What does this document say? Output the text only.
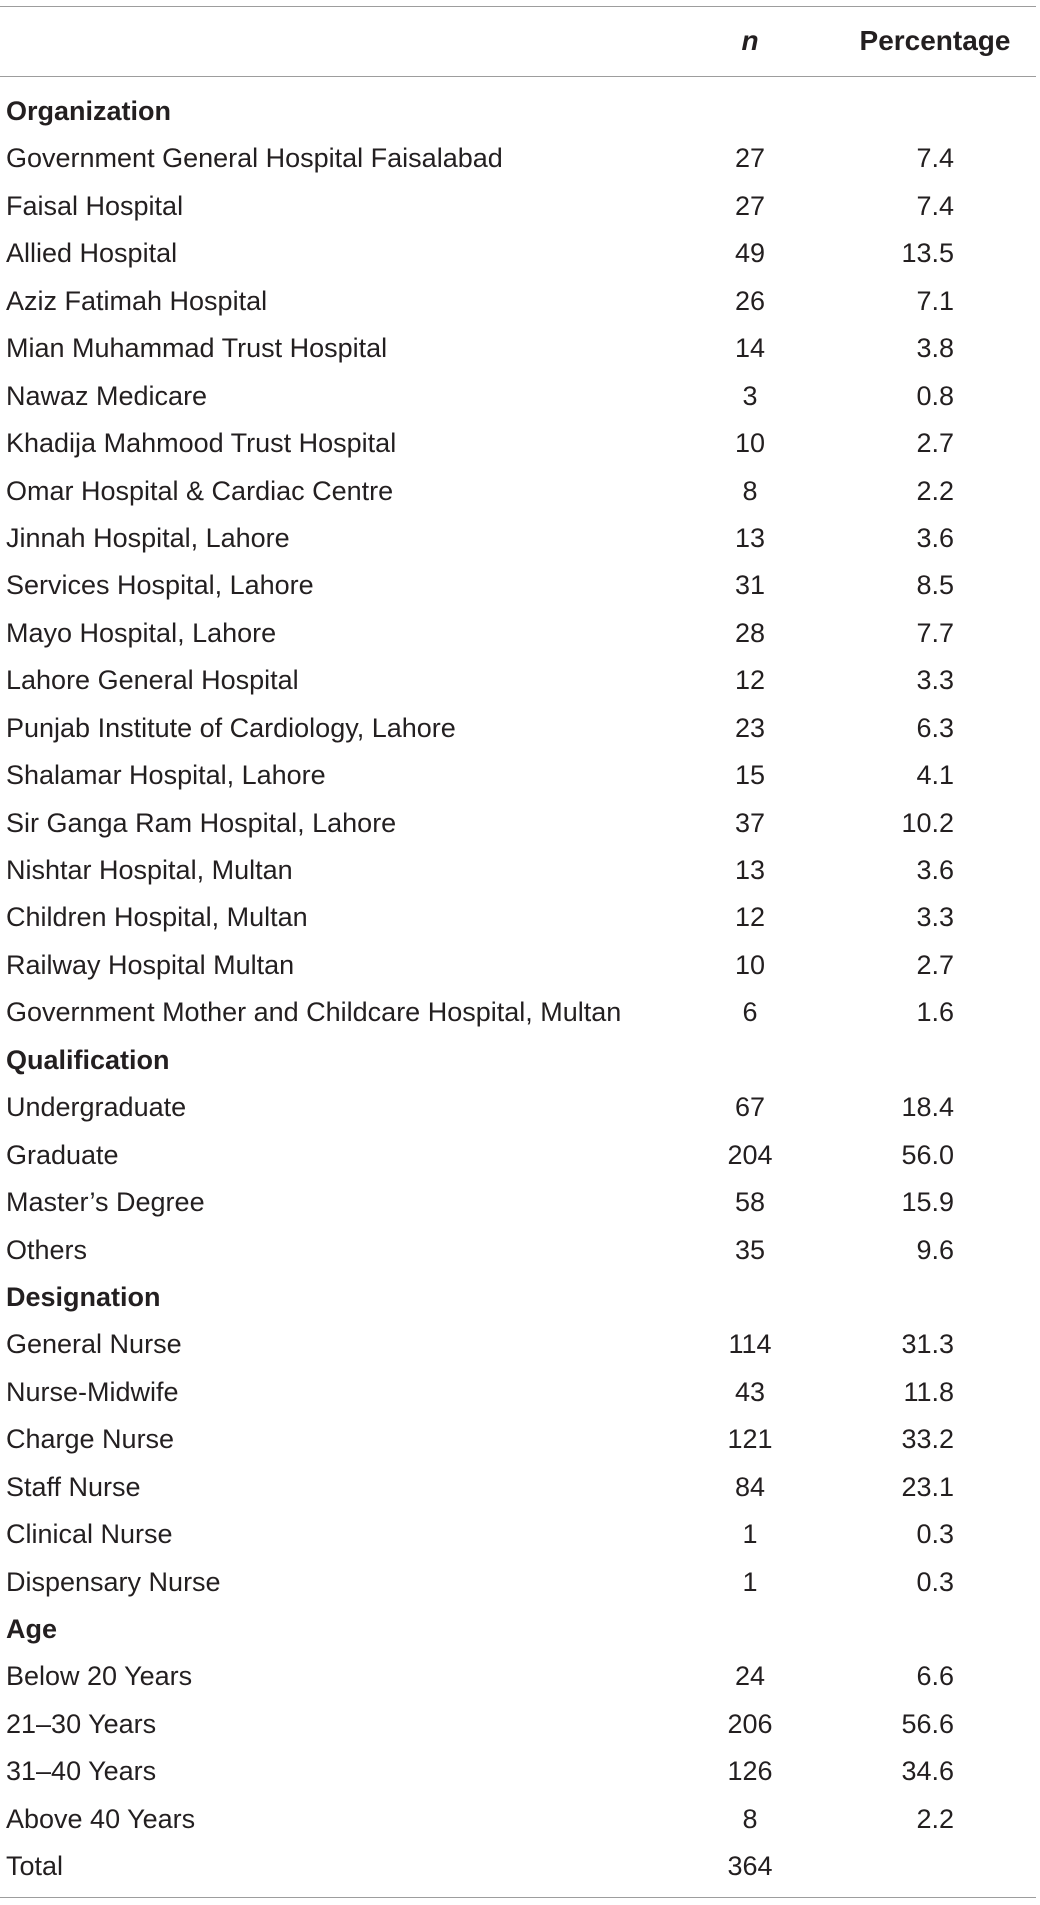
n	Percentage
Organization
Government General Hospital Faisalabad	27	7.4
Faisal Hospital	27	7.4
Allied Hospital	49	13.5
Aziz Fatimah Hospital	26	7.1
Mian Muhammad Trust Hospital	14	3.8
Nawaz Medicare	3	0.8
Khadija Mahmood Trust Hospital	10	2.7
Omar Hospital & Cardiac Centre	8	2.2
Jinnah Hospital, Lahore	13	3.6
Services Hospital, Lahore	31	8.5
Mayo Hospital, Lahore	28	7.7
Lahore General Hospital	12	3.3
Punjab Institute of Cardiology, Lahore	23	6.3
Shalamar Hospital, Lahore	15	4.1
Sir Ganga Ram Hospital, Lahore	37	10.2
Nishtar Hospital, Multan	13	3.6
Children Hospital, Multan	12	3.3
Railway Hospital Multan	10	2.7
Government Mother and Childcare Hospital, Multan	6	1.6
Qualification
Undergraduate	67	18.4
Graduate	204	56.0
Master’s Degree	58	15.9
Others	35	9.6
Designation
General Nurse	114	31.3
Nurse-Midwife	43	11.8
Charge Nurse	121	33.2
Staff Nurse	84	23.1
Clinical Nurse	1	0.3
Dispensary Nurse	1	0.3
Age
Below 20 Years	24	6.6
21–30 Years	206	56.6
31–40 Years	126	34.6
Above 40 Years	8	2.2
Total	364
